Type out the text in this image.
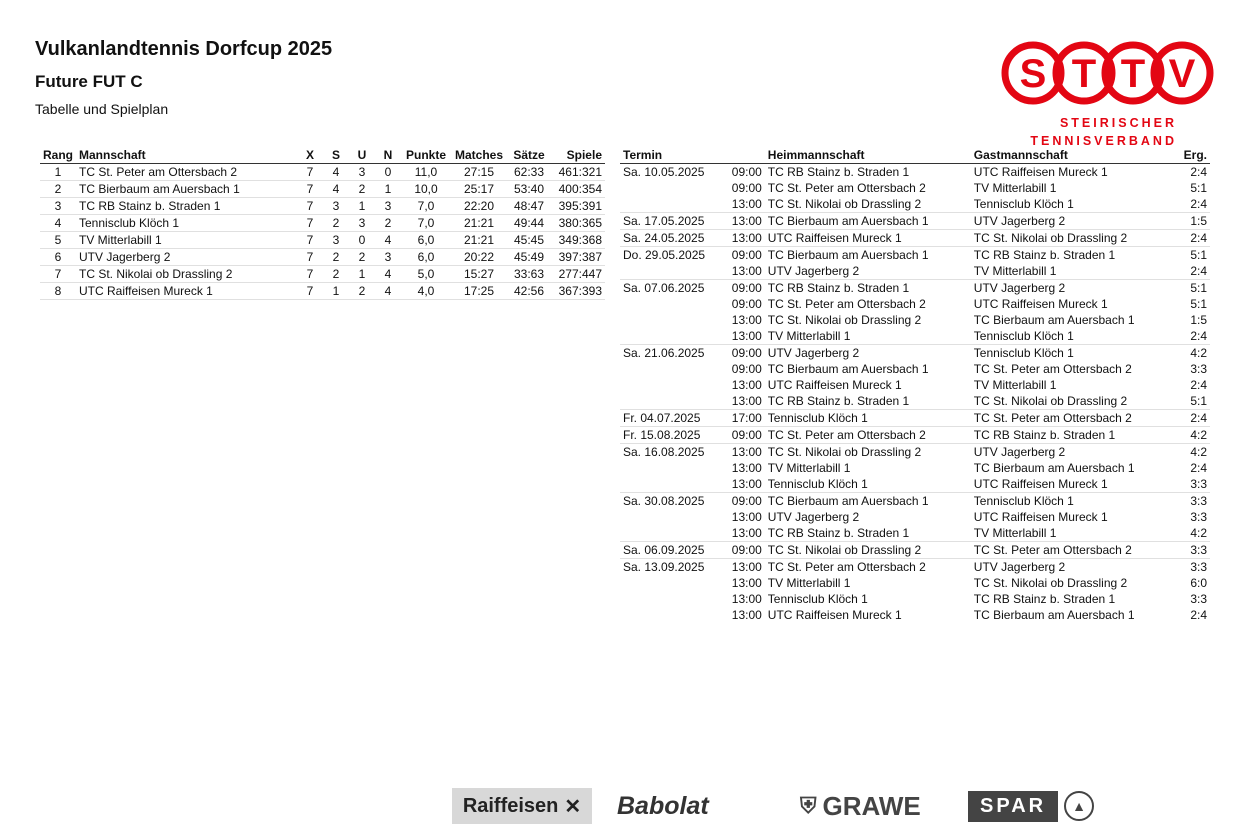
Vulkanlandtennis Dorfcup 2025
Future FUT C
Tabelle und Spielplan
S T T V
STEIRISCHER
TENNISVERBAND
Rang	Mannschaft	X	S	U	N	Punkte	Matches	Sätze	Spiele
1	TC St. Peter am Ottersbach 2	7	4	3	0	11,0	27:15	62:33	461:321
2	TC Bierbaum am Auersbach 1	7	4	2	1	10,0	25:17	53:40	400:354
3	TC RB Stainz b. Straden 1	7	3	1	3	7,0	22:20	48:47	395:391
4	Tennisclub Klöch 1	7	2	3	2	7,0	21:21	49:44	380:365
5	TV Mitterlabill 1	7	3	0	4	6,0	21:21	45:45	349:368
6	UTV Jagerberg 2	7	2	2	3	6,0	20:22	45:49	397:387
7	TC St. Nikolai ob Drassling 2	7	2	1	4	5,0	15:27	33:63	277:447
8	UTC Raiffeisen Mureck 1	7	1	2	4	4,0	17:25	42:56	367:393
Termin		Heimmannschaft	Gastmannschaft	Erg.
Sa. 10.05.2025	09:00	TC RB Stainz b. Straden 1	UTC Raiffeisen Mureck 1	2:4
	09:00	TC St. Peter am Ottersbach 2	TV Mitterlabill 1	5:1
	13:00	TC St. Nikolai ob Drassling 2	Tennisclub Klöch 1	2:4
Sa. 17.05.2025	13:00	TC Bierbaum am Auersbach 1	UTV Jagerberg 2	1:5
Sa. 24.05.2025	13:00	UTC Raiffeisen Mureck 1	TC St. Nikolai ob Drassling 2	2:4
Do. 29.05.2025	09:00	TC Bierbaum am Auersbach 1	TC RB Stainz b. Straden 1	5:1
	13:00	UTV Jagerberg 2	TV Mitterlabill 1	2:4
Sa. 07.06.2025	09:00	TC RB Stainz b. Straden 1	UTV Jagerberg 2	5:1
	09:00	TC St. Peter am Ottersbach 2	UTC Raiffeisen Mureck 1	5:1
	13:00	TC St. Nikolai ob Drassling 2	TC Bierbaum am Auersbach 1	1:5
	13:00	TV Mitterlabill 1	Tennisclub Klöch 1	2:4
Sa. 21.06.2025	09:00	UTV Jagerberg 2	Tennisclub Klöch 1	4:2
	09:00	TC Bierbaum am Auersbach 1	TC St. Peter am Ottersbach 2	3:3
	13:00	UTC Raiffeisen Mureck 1	TV Mitterlabill 1	2:4
	13:00	TC RB Stainz b. Straden 1	TC St. Nikolai ob Drassling 2	5:1
Fr. 04.07.2025	17:00	Tennisclub Klöch 1	TC St. Peter am Ottersbach 2	2:4
Fr. 15.08.2025	09:00	TC St. Peter am Ottersbach 2	TC RB Stainz b. Straden 1	4:2
Sa. 16.08.2025	13:00	TC St. Nikolai ob Drassling 2	UTV Jagerberg 2	4:2
	13:00	TV Mitterlabill 1	TC Bierbaum am Auersbach 1	2:4
	13:00	Tennisclub Klöch 1	UTC Raiffeisen Mureck 1	3:3
Sa. 30.08.2025	09:00	TC Bierbaum am Auersbach 1	Tennisclub Klöch 1	3:3
	13:00	UTV Jagerberg 2	UTC Raiffeisen Mureck 1	3:3
	13:00	TC RB Stainz b. Straden 1	TV Mitterlabill 1	4:2
Sa. 06.09.2025	09:00	TC St. Nikolai ob Drassling 2	TC St. Peter am Ottersbach 2	3:3
Sa. 13.09.2025	13:00	TC St. Peter am Ottersbach 2	UTV Jagerberg 2	3:3
	13:00	TV Mitterlabill 1	TC St. Nikolai ob Drassling 2	6:0
	13:00	Tennisclub Klöch 1	TC RB Stainz b. Straden 1	3:3
	13:00	UTC Raiffeisen Mureck 1	TC Bierbaum am Auersbach 1	2:4
Raiffeisen ✕ Babolat	⛨ GRAWE	SPAR	▲
